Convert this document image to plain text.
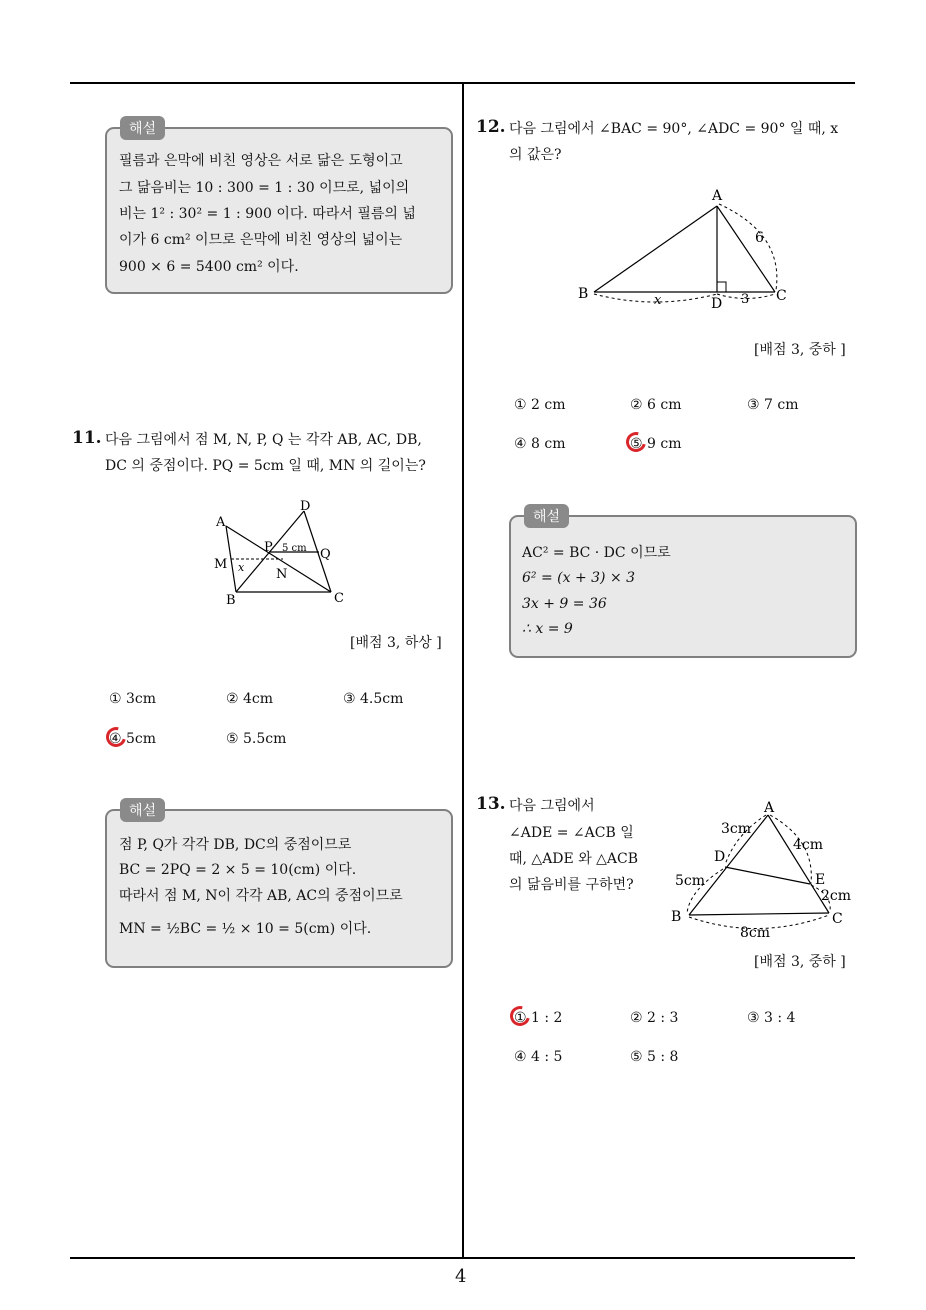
4
해설
필름과 은막에 비친 영상은 서로 닮은 도형이고
그 닮음비는 10 : 300 = 1 : 30 이므로, 넓이의
비는 1² : 30² = 1 : 900 이다. 따라서 필름의 넓
이가 6 cm² 이므로 은막에 비친 영상의 넓이는
900 × 6 = 5400 cm² 이다.
11. 다음 그림에서 점 M, N, P, Q 는 각각 AB, AC, DB,
DC 의 중점이다. PQ = 5cm 일 때, MN 의 길이는?
A
B	C
D
M
N
P	Q
5 cm
x
[배점 3, 하상 ]
① 3cm	② 4cm	③ 4.5cm
④ 5cm	⑤ 5.5cm
해설
점 P, Q가 각각 DB, DC의 중점이므로
BC = 2PQ = 2 × 5 = 10(cm) 이다.
따라서 점 M, N이 각각 AB, AC의 중점이므로
MN = ½BC = ½ × 10 = 5(cm) 이다.
12. 다음 그림에서 ∠BAC = 90°, ∠ADC = 90° 일 때, x
의 값은?
A
B	C
D
6
3
x
[배점 3, 중하 ]
① 2 cm	② 6 cm	③ 7 cm
④ 8 cm	⑤ 9 cm
해설
AC² = BC · DC 이므로
6² = (x + 3) × 3
3x + 9 = 36
∴ x = 9
13. 다음 그림에서
∠ADE = ∠ACB 일
때, △ADE 와 △ACB
의 닮음비를 구하면?
A
B	C
D
E
3cm
4cm
5cm
2cm
8cm
[배점 3, 중하 ]
① 1 : 2	② 2 : 3	③ 3 : 4
④ 4 : 5	⑤ 5 : 8
